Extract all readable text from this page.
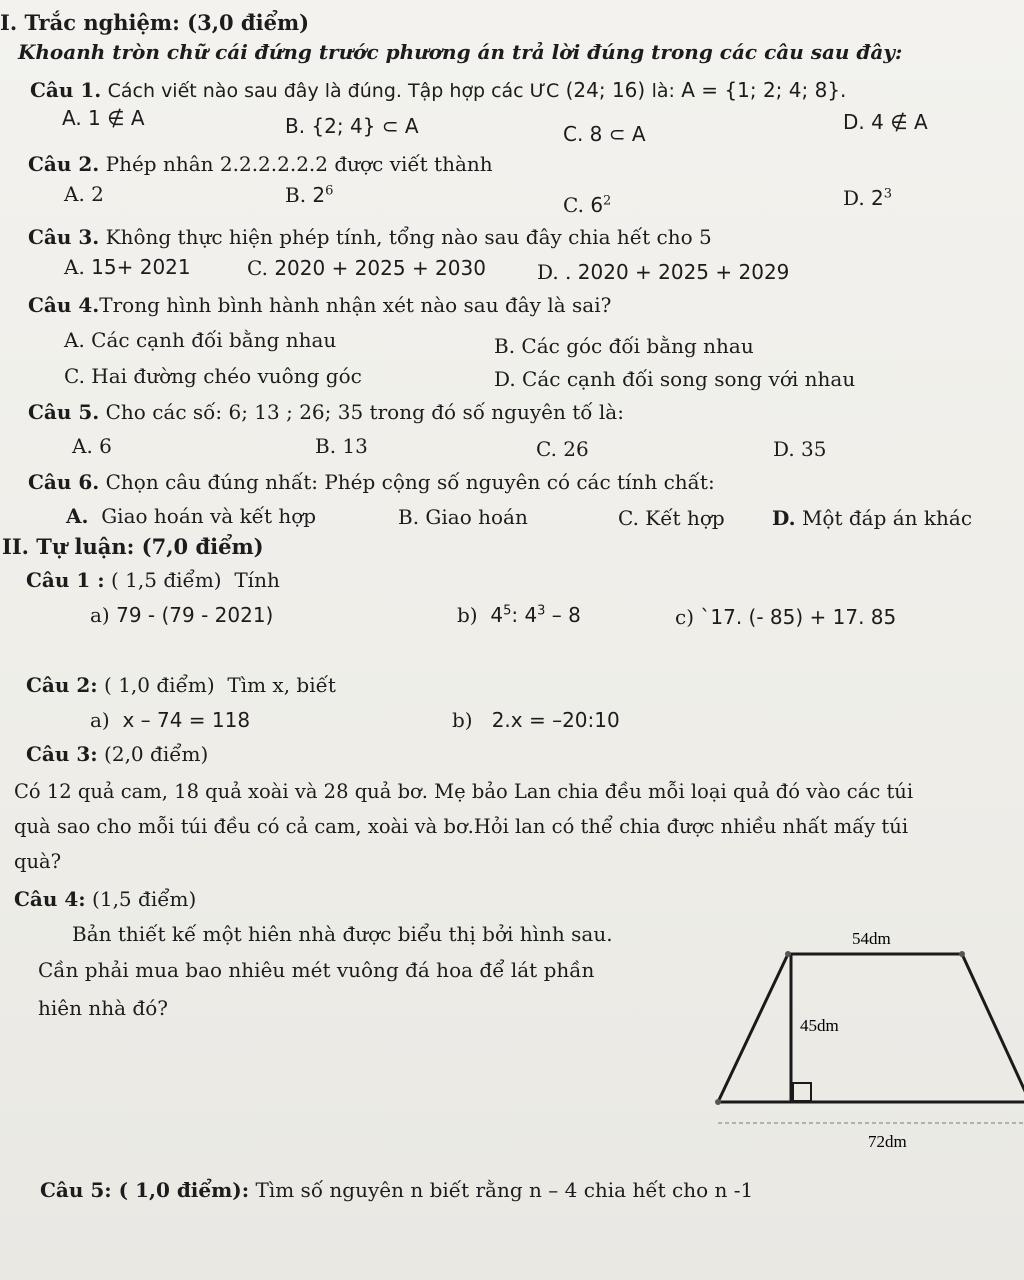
I. Trắc nghiệm: (3,0 điểm)
Khoanh tròn chữ cái đứng trước phương án trả lời đúng trong các câu sau đây:
Câu 1. Cách viết nào sau đây là đúng. Tập hợp các ƯC (24; 16) là: A = {1; 2; 4; 8}.
A. 1 ∉ A	B. {2; 4} ⊂ A	C. 8 ⊂ A	D. 4 ∉ A
Câu 2. Phép nhân 2.2.2.2.2.2 được viết thành
A. 2	B. $2^6$
C. $6^2$	D. $2^3$
Câu 3. Không thực hiện phép tính, tổng nào sau đây chia hết cho 5
A. 15+ 2021	C. 2020 + 2025 + 2030	D. . 2020 + 2025 + 2029
Câu 4.Trong hình bình hành nhận xét nào sau đây là sai?
A. Các cạnh đối bằng nhau	B. Các góc đối bằng nhau
C. Hai đường chéo vuông góc	D. Các cạnh đối song song với nhau
Câu 5. Cho các số: 6; 13 ; 26; 35 trong đó số nguyên tố là:
A. 6	B. 13	C. 26	D. 35
Câu 6. Chọn câu đúng nhất: Phép cộng số nguyên có các tính chất:
A. Giao hoán và kết hợp	B. Giao hoán	C. Kết hợp D. Một đáp án khác
II. Tự luận: (7,0 điểm)
Câu 1 : ( 1,5 điểm) Tính
a) 79 - (79 - 2021)	b) $4^5$: $4^3 - 8$	c) `17. (- 85) + 17. 85
Câu 2: ( 1,0 điểm) Tìm x, biết
a) x – 74 = 118	b) 2.x = –20:10
Câu 3: (2,0 điểm)
Có 12 quả cam, 18 quả xoài và 28 quả bơ. Mẹ bảo Lan chia đều mỗi loại quả đó vào các túi
quà sao cho mỗi túi đều có cả cam, xoài và bơ.Hỏi lan có thể chia được nhiều nhất mấy túi
quà?
Câu 4: (1,5 điểm)
Bản thiết kế một hiên nhà được biểu thị bởi hình sau.
Cần phải mua bao nhiêu mét vuông đá hoa để lát phần
hiên nhà đó?
54dm
45dm
72dm
Câu 5: ( 1,0 điểm): Tìm số nguyên n biết rằng n – 4 chia hết cho n -1
